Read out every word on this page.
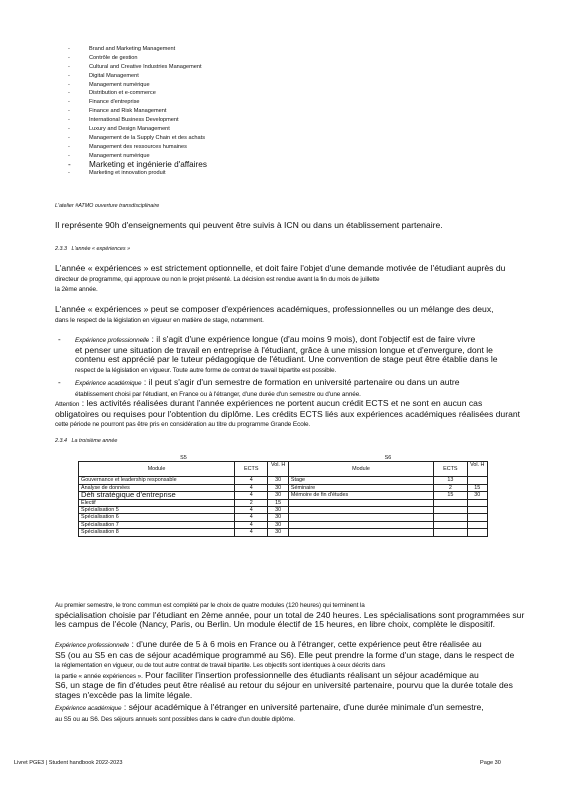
-	Brand and Marketing Management
-	Contrôle de gestion
-	Cultural and Creative Industries Management
-	Digital Management
-	Management numérique
-	Distribution et e-commerce
-	Finance d'entreprise
-	Finance and Risk Management
-	International Business Development
-	Luxury and Design Management
-	Management de la Supply Chain et des achats
-	Management des ressources humaines
-	Management numérique
- Marketing et ingénierie d'affaires
-	Marketing et innovation produit
L'atelier #ATMO ouverture transdisciplinaire

Il représente 90h d'enseignements qui peuvent être suivis à ICN ou dans un établissement partenaire.

2.3.3 L'année « expériences »

L'année « expériences » est strictement optionnelle, et doit faire l'objet d'une demande motivée de l'étudiant auprès du
directeur de programme, qui approuve ou non le projet présenté. La décision est rendue avant la fin du mois de juillette
la 2ème année.

L'année « expériences » peut se composer d'expériences académiques, professionnelles ou un mélange des deux,
dans le respect de la législation en vigueur en matière de stage, notamment.

- Expérience professionnelle : il s'agit d'une expérience longue (d'au moins 9 mois), dont l'objectif est de faire vivre
et penser une situation de travail en entreprise à l'étudiant, grâce à une mission longue et d'envergure, dont le
contenu est apprécié par le tuteur pédagogique de l'étudiant. Une convention de stage peut être établie dans le
respect de la législation en vigueur. Toute autre forme de contrat de travail bipartite est possible.

- Expérience académique : il peut s'agir d'un semestre de formation en université partenaire ou dans un autre
établissement choisi par l'étudiant, en France ou à l'étranger, d'une durée d'un semestre ou d'une année.

Attention : les activités réalisées durant l'année expériences ne portent aucun crédit ECTS et ne sont en aucun cas
obligatoires ou requises pour l'obtention du diplôme. Les crédits ECTS liés aux expériences académiques réalisées durant
cette période ne pourront pas être pris en considération au titre du programme Grande Ecole.

2.3.4 La troisième année
S5			S6		
Module	ECTS	Vol. H	Module	ECTS	Vol. H
Gouvernance et leadership responsable	4	30	Stage	13	
Analyse de données	4	30	Séminaire	2	15
Défi stratégique d'entreprise	4	30	Mémoire de fin d'études	15	30
Electif	2	15			
Spécialisation 5	4	30			
Spécialisation 6	4	30			
Spécialisation 7	4	30			
Spécialisation 8	4	30			

Au premier semestre, le tronc commun est complété par le choix de quatre modules (120 heures) qui terminent la
spécialisation choisie par l'étudiant en 2ème année, pour un total de 240 heures. Les spécialisations sont programmées sur
les campus de l'école (Nancy, Paris, ou Berlin. Un module électif de 15 heures, en libre choix, complète le dispositif.

Expérience professionnelle : d'une durée de 5 à 6 mois en France ou à l'étranger, cette expérience peut être réalisée au
S5 (ou au S5 en cas de séjour académique programmé au S6). Elle peut prendre la forme d'un stage, dans le respect de
la réglementation en vigueur, ou de tout autre contrat de travail bipartite. Les objectifs sont identiques à ceux décrits dans
la partie « année expériences ». Pour faciliter l'insertion professionnelle des étudiants réalisant un séjour académique au
S6, un stage de fin d'études peut être réalisé au retour du séjour en université partenaire, pourvu que la durée totale des
stages n'excède pas la limite légale.

Expérience académique : séjour académique à l'étranger en université partenaire, d'une durée minimale d'un semestre,
au S5 ou au S6. Des séjours annuels sont possibles dans le cadre d'un double diplôme.

Livret PGE3 | Student handbook 2022-2023	Page 30
